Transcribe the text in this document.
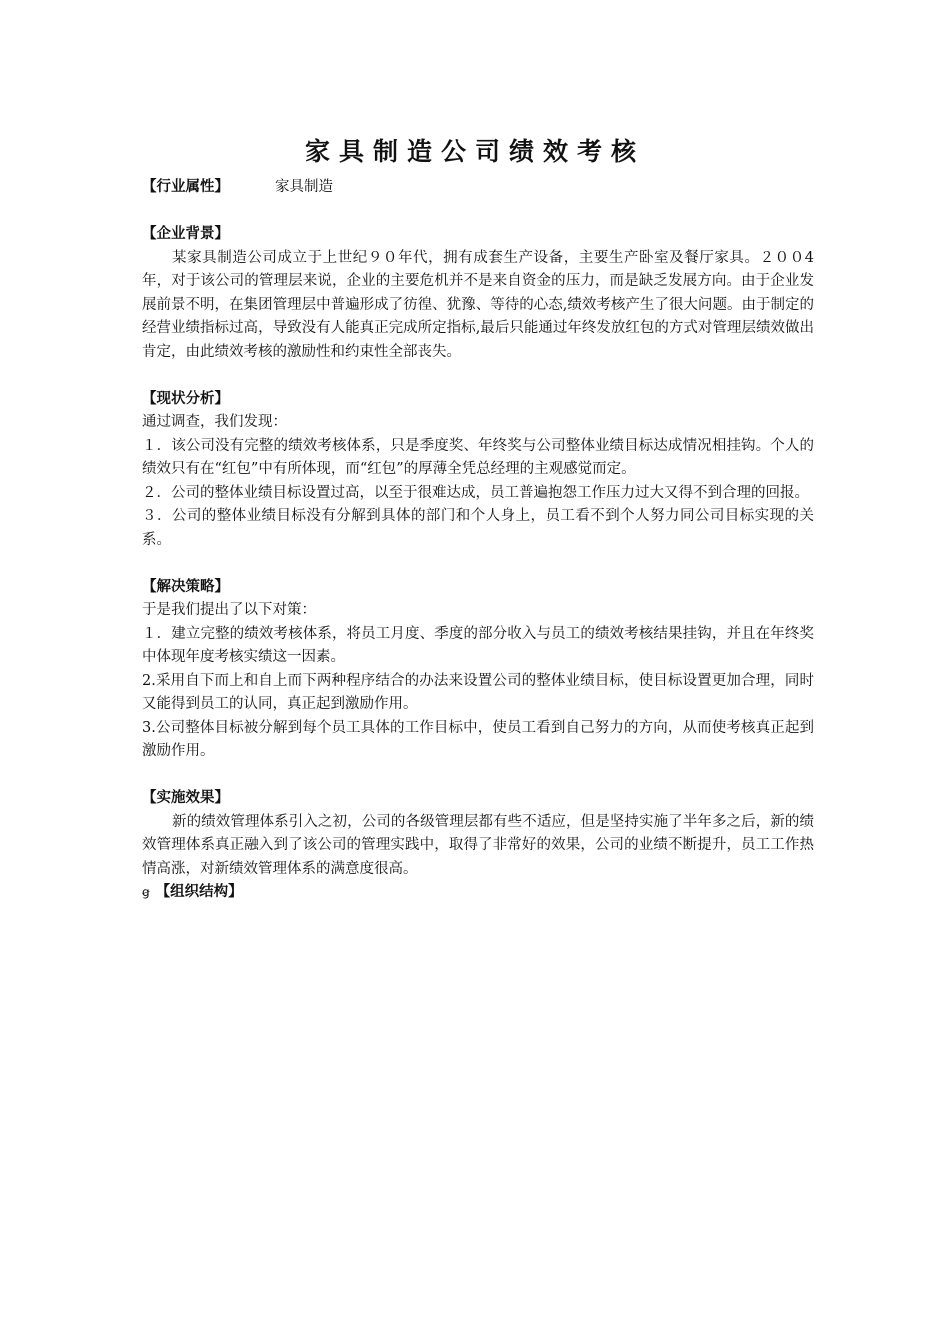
家具制造公司绩效考核
【行业属性】	家具制造
【企业背景】

某家具制造公司成立于上世纪９０年代，拥有成套生产设备，主要生产卧室及餐厅家具。２００4年，对于该公司的管理层来说，企业的主要危机并不是来自资金的压力，而是缺乏发展方向。由于企业发展前景不明，在集团管理层中普遍形成了彷徨、犹豫、等待的心态,绩效考核产生了很大问题。由于制定的经营业绩指标过高，导致没有人能真正完成所定指标,最后只能通过年终发放红包的方式对管理层绩效做出肯定，由此绩效考核的激励性和约束性全部丧失。

【现状分析】

通过调查，我们发现：

１．该公司没有完整的绩效考核体系，只是季度奖、年终奖与公司整体业绩目标达成情况相挂钩。个人的绩效只有在“红包”中有所体现，而“红包”的厚薄全凭总经理的主观感觉而定。

２．公司的整体业绩目标设置过高，以至于很难达成，员工普遍抱怨工作压力过大又得不到合理的回报。

３．公司的整体业绩目标没有分解到具体的部门和个人身上，员工看不到个人努力同公司目标实现的关系。

【解决策略】

于是我们提出了以下对策：

１．建立完整的绩效考核体系，将员工月度、季度的部分收入与员工的绩效考核结果挂钩，并且在年终奖中体现年度考核实绩这一因素。

2.采用自下而上和自上而下两种程序结合的办法来设置公司的整体业绩目标，使目标设置更加合理，同时又能得到员工的认同，真正起到激励作用。

3.公司整体目标被分解到每个员工具体的工作目标中，使员工看到自己努力的方向，从而使考核真正起到激励作用。

【实施效果】

新的绩效管理体系引入之初，公司的各级管理层都有些不适应，但是坚持实施了半年多之后，新的绩效管理体系真正融入到了该公司的管理实践中，取得了非常好的效果，公司的业绩不断提升，员工工作热情高涨，对新绩效管理体系的满意度很高。

ꞡ 【组织结构】
